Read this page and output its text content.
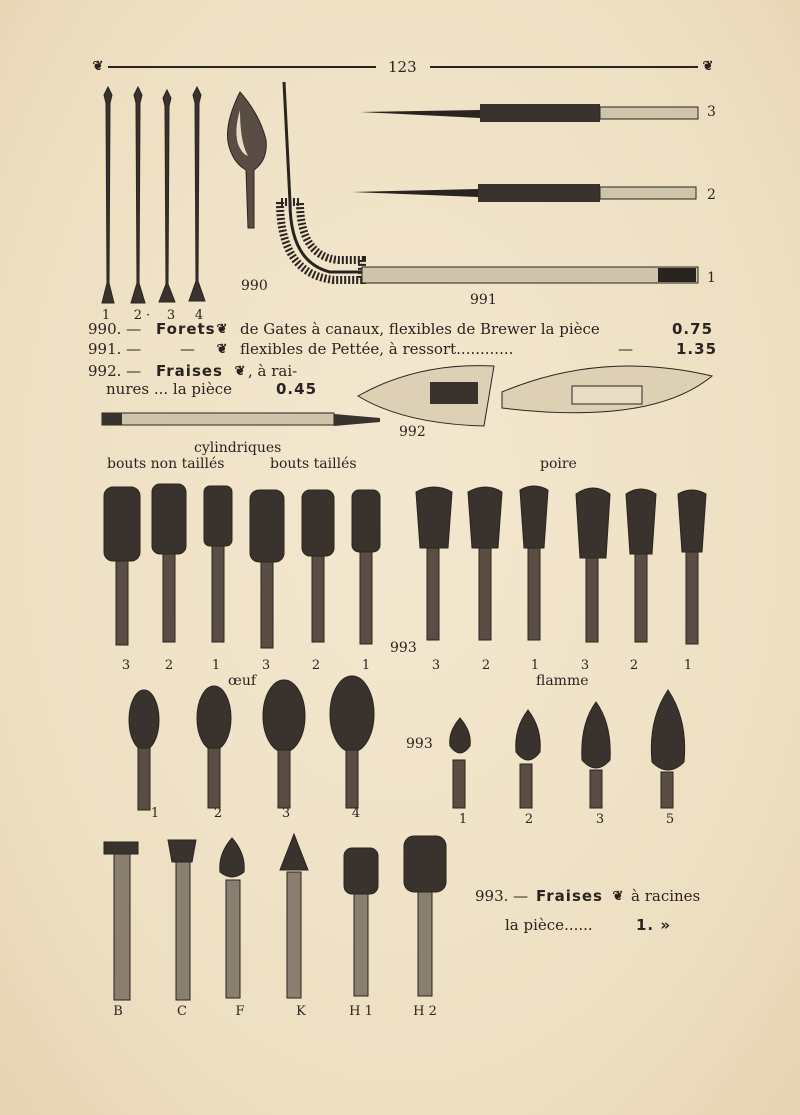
❦	123	❦
1	2 ·	3	4
990
991
3
2
1
990. — Forets ❦ de Gates à canaux, flexibles de Brewer la pièce	0.75
991. —	— ❦ flexibles de Pettée, à ressort............	—	1.35
992. — Fraises ❦ , à rai-
nures ... la pièce	0.45
992
cylindriques
bouts non taillés	bouts taillés	poire
3	2	1	3	2	1
993
3	2	1	3	2	1
œuf	flamme
1	2	3	4
993
1	2	3	5
B	C	F	K	H 1	H 2
993. — Fraises ❦ à racines
la pièce......	1. »
